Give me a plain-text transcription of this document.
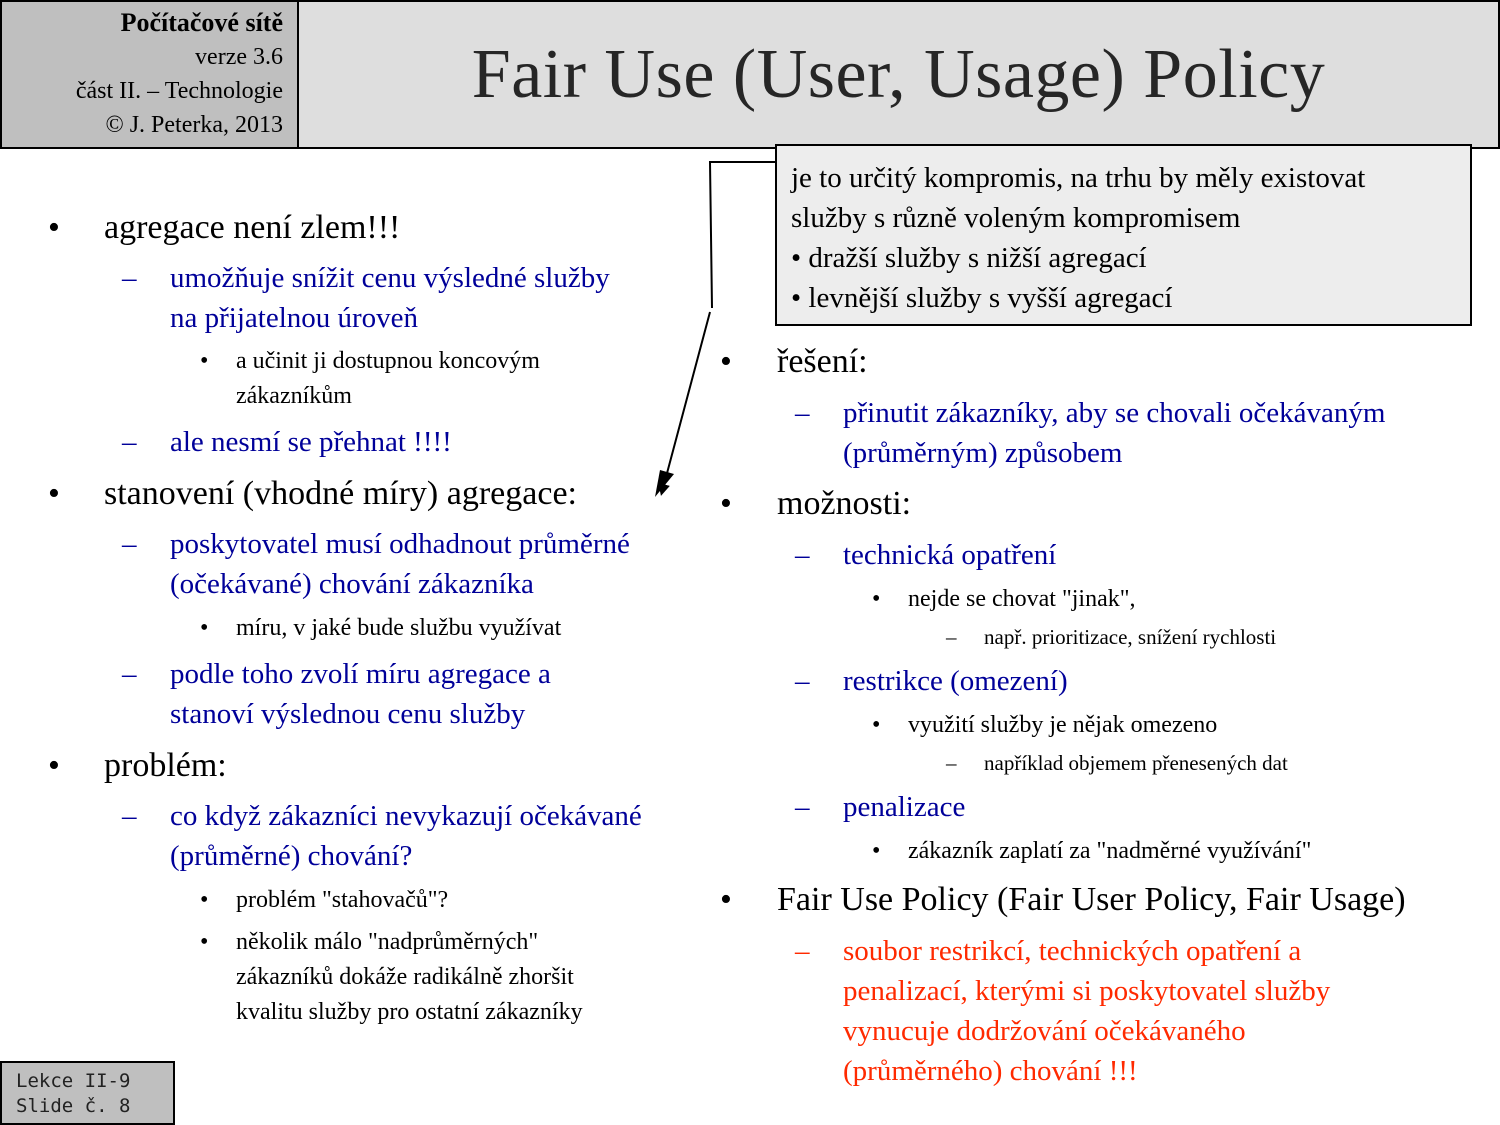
Počítačové sítě
verze 3.6
část II. – Technologie
© J. Peterka, 2013
Fair Use (User, Usage) Policy
je to určitý kompromis, na trhu by měly existovat
služby s různě voleným kompromisem
• dražší služby s nižší agregací
• levnější služby s vyšší agregací
• agregace není zlem!!!
– umožňuje snížit cenu výsledné služby
na přijatelnou úroveň
• a učinit ji dostupnou koncovým
zákazníkům
– ale nesmí se přehnat !!!!
• stanovení (vhodné míry) agregace:
– poskytovatel musí odhadnout průměrné
(očekávané) chování zákazníka
• míru, v jaké bude službu využívat
– podle toho zvolí míru agregace a
stanoví výslednou cenu služby
• problém:
– co když zákazníci nevykazují očekávané
(průměrné) chování?
• problém "stahovačů"?
• několik málo "nadprůměrných"
zákazníků dokáže radikálně zhoršit
kvalitu služby pro ostatní zákazníky
• řešení:
– přinutit zákazníky, aby se chovali očekávaným
(průměrným) způsobem
• možnosti:
– technická opatření
• nejde se chovat "jinak",
– např. prioritizace, snížení rychlosti
– restrikce (omezení)
• využití služby je nějak omezeno
– například objemem přenesených dat
– penalizace
• zákazník zaplatí za "nadměrné využívání"
• Fair Use Policy (Fair User Policy, Fair Usage)
– soubor restrikcí, technických opatření a
penalizací, kterými si poskytovatel služby
vynucuje dodržování očekávaného
(průměrného) chování !!!
Lekce II-9
Slide č. 8
